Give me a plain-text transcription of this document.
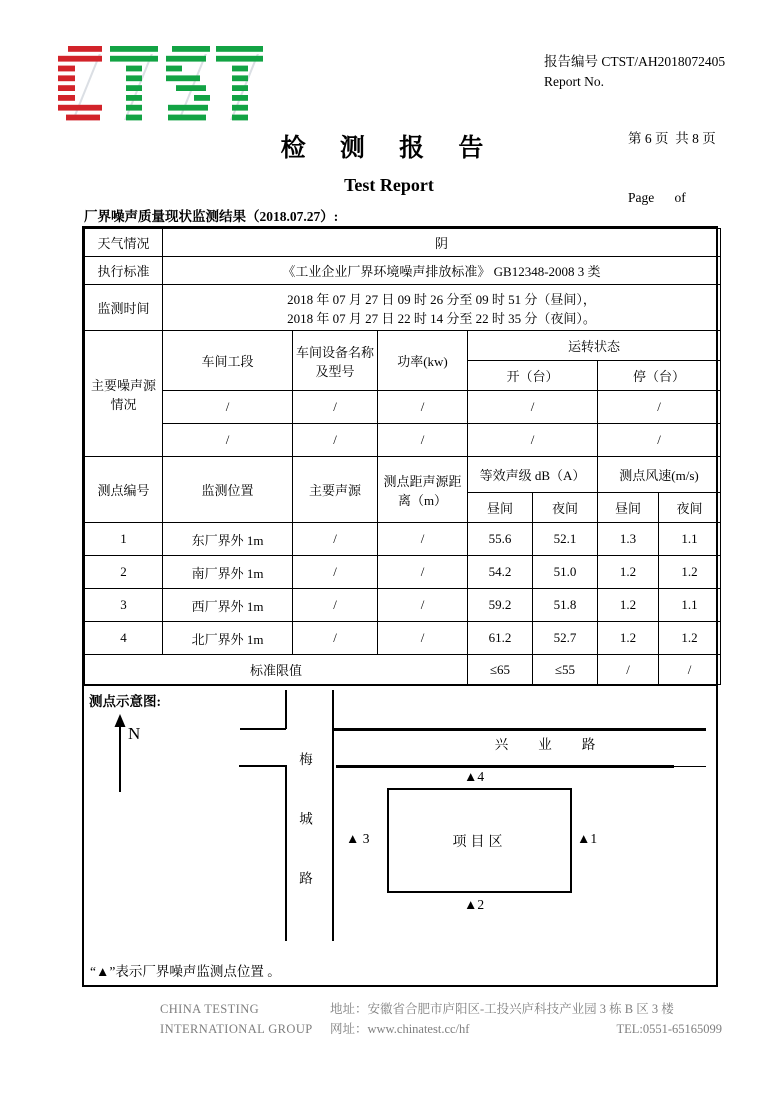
报告编号 CTST/AH2018072405
Report No.

第 6 页  共 8 页

Page      of

检 测 报 告
Test Report
厂界噪声质量现状监测结果（2018.07.27）:
天气情况	阴						
执行标准	《工业企业厂界环境噪声排放标准》 GB12348-2008 3 类						
监测时间	2018 年 07 月 27 日 09 时 26 分至 09 时 51 分（昼间），
2018 年 07 月 27 日 22 时 14 分至 22 时 35 分（夜间）。						

主要噪声源情况	车间工段	车间设备名称及型号	功率(kw)	运转状态			
				开（台）		停（台）	
	/	/	/	/		/	
	/	/	/	/		/	
测点编号	监测位置	主要声源	测点距声源距离（m）	等效声级 dB（A）		测点风速(m/s)	
				昼间	夜间	昼间	夜间
1	东厂界外 1m	/	/	55.6	52.1	1.3	1.1
2	南厂界外 1m	/	/	54.2	51.0	1.2	1.2
3	西厂界外 1m	/	/	59.2	51.8	1.2	1.1
4	北厂界外 1m	/	/	61.2	52.7	1.2	1.2
标准限值				≤65	≤55	/	/
测点示意图:
N
梅城路
兴业路
项目区
▲4
▲1
▲2
▲ 3
“▲”表示厂界噪声监测点位置 。
CHINA TESTING
INTERNATIONAL GROUP
地址：安徽省合肥市庐阳区-工投兴庐科技产业园 3 栋 B 区 3 楼
网址：www.chinatest.cc/hf	TEL:0551-65165099
